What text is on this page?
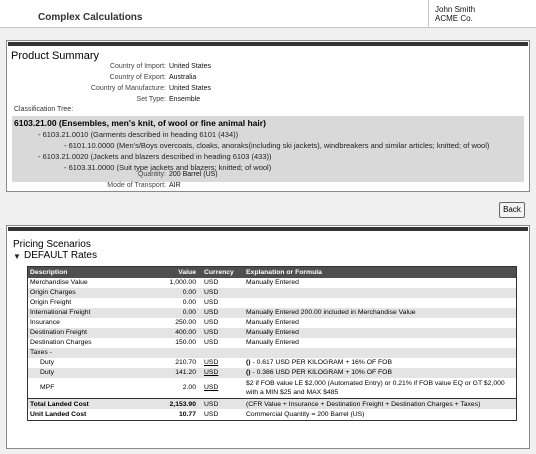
Complex Calculations
John Smith
ACME Co.
Product Summary
Country of Import: United States
Country of Export: Australia
Country of Manufacture: United States
Set Type: Ensemble
Classification Tree:
6103.21.00 (Ensembles, men's knit, of wool or fine animal hair)
- 6103.21.0010 (Garments described in heading 6101 (434))
- 6101.10.0000 (Men's/Boys overcoats, cloaks, anoraks(including ski jackets), windbreakers and similar articles; knitted; of wool)
- 6103.21.0020 (Jackets and blazers described in heading 6103 (433))
- 6103.31.0000 (Suit type jackets and blazers; knitted; of wool)
Quantity: 200 Barrel (US)
Mode of Transport: AIR
Back
Pricing Scenarios
▼ DEFAULT Rates
Description	Value Currency	Explanation or Formula
Merchandise Value	1,000.00 USD	Manually Entered
Origin Charges	0.00 USD
Origin Freight	0.00 USD
International Freight	0.00 USD	Manually Entered 200.00 included in Merchandise Value
Insurance	250.00 USD	Manually Entered
Destination Freight	400.00 USD	Manually Entered
Destination Charges	150.00 USD	Manually Entered
Taxes -
Duty	210.70 USD	() - 0.617 USD PER KILOGRAM + 16% OF FOB
Duty	141.20 USD	() - 0.386 USD PER KILOGRAM + 10% OF FOB
MPF	2.00 USD
$2 if FOB value LE $2,000 (Automated Entry) or 0.21% if FOB value EQ or GT $2,000 with a MIN $25 and MAX $485
Total Landed Cost	2,153.90 USD	(CFR Value + Insurance + Destination Freight + Destination Charges + Taxes)
Unit Landed Cost	10.77 USD	Commercial Quantity = 200 Barrel (US)
